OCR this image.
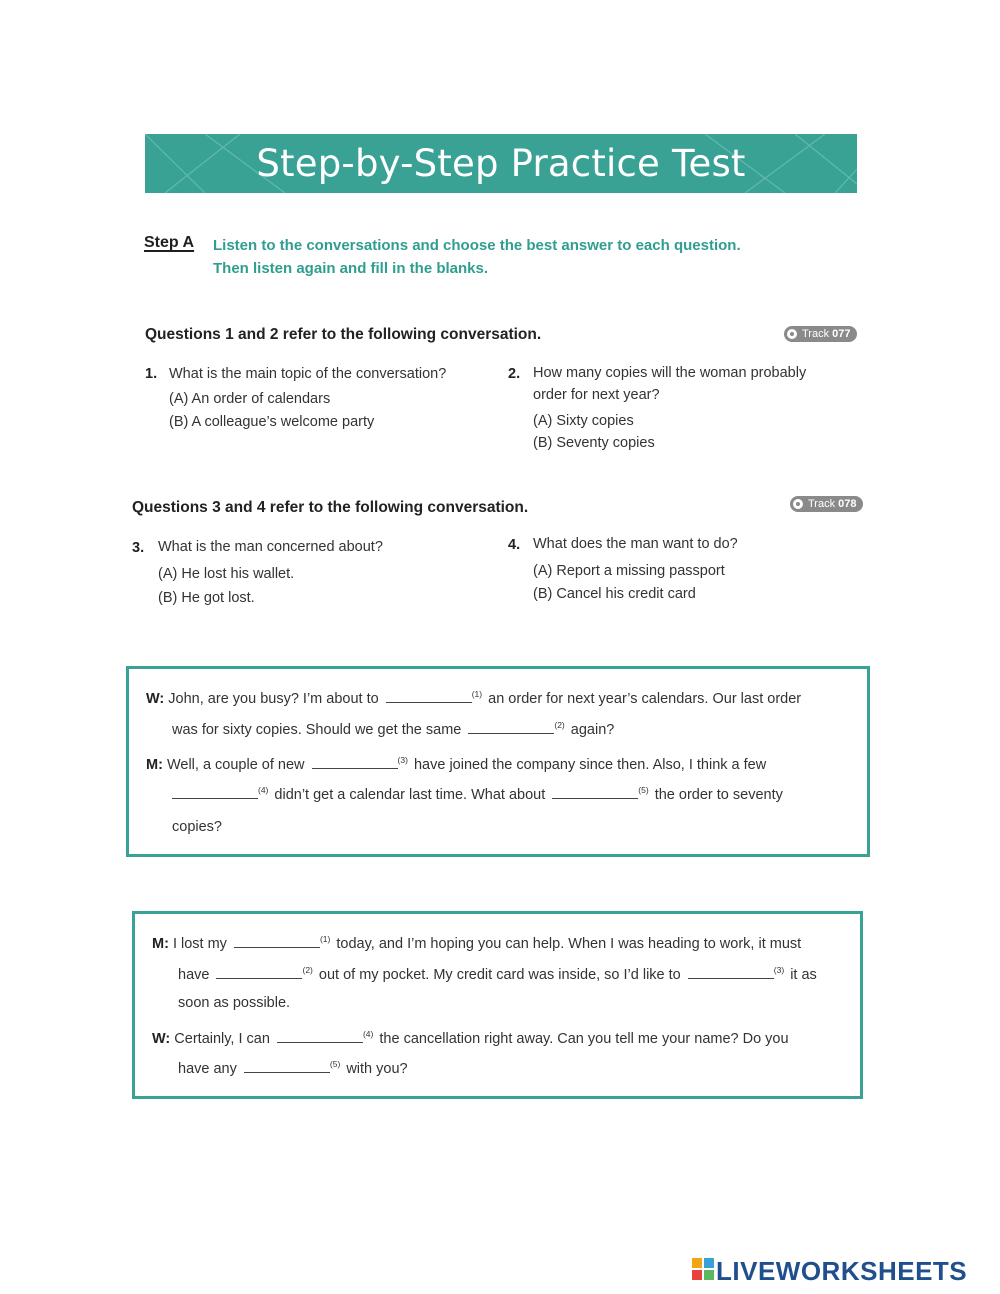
Step-by-Step Practice Test
Step A Listen to the conversations and choose the best answer to each question.
Then listen again and fill in the blanks.
Questions 1 and 2 refer to the following conversation.	Track 077
1. What is the main topic of the conversation?
(A) An order of calendars
(B) A colleague’s welcome party
2. How many copies will the woman probably
order for next year?
(A) Sixty copies
(B) Seventy copies
Questions 3 and 4 refer to the following conversation.	Track 078
3. What is the man concerned about?
(A) He lost his wallet.
(B) He got lost.
4. What does the man want to do?
(A) Report a missing passport
(B) Cancel his credit card
W: John, are you busy? I’m about to	$^{(1)}$ an order for next year’s calendars. Our last order
was for sixty copies. Should we get the same	$^{(2)}$ again?
M: Well, a couple of new	$^{(3)}$ have joined the company since then. Also, I think a few
$^{(4)}$ didn’t get a calendar last time. What about	$^{(5)}$ the order to seventy
copies?
M: I lost my	$^{(1)}$ today, and I’m hoping you can help. When I was heading to work, it must
have	$^{(2)}$ out of my pocket. My credit card was inside, so I’d like to	$^{(3)}$ it as
soon as possible.
W: Certainly, I can	$^{(4)}$ the cancellation right away. Can you tell me your name? Do you
have any	$^{(5)}$ with you?
LIVEWORKSHEETS
